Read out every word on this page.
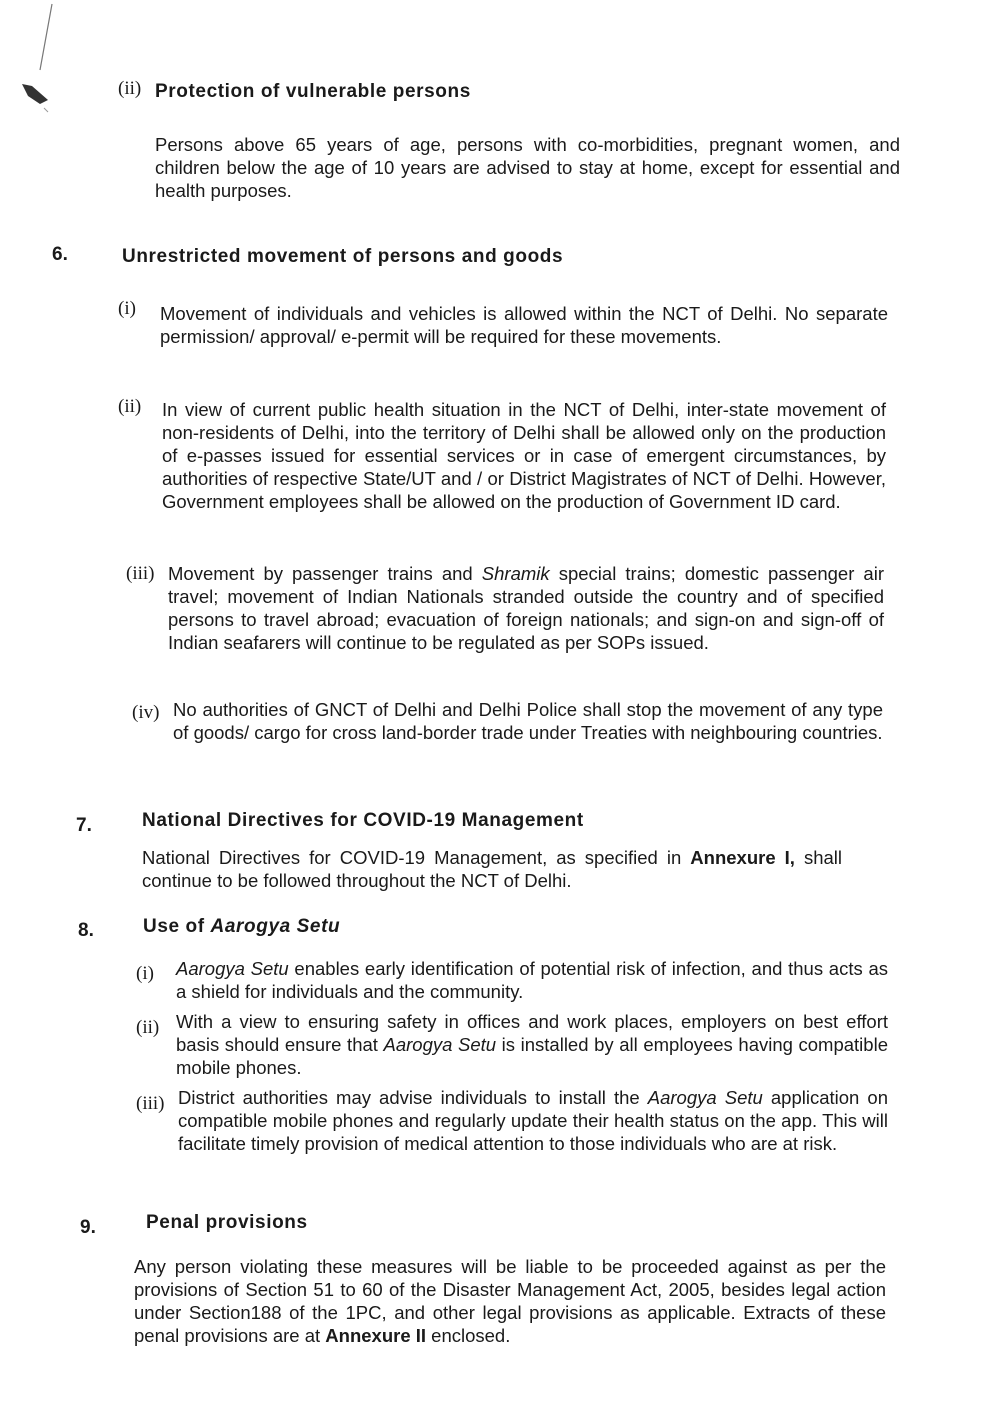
(ii) Protection of vulnerable persons
Persons above 65 years of age, persons with co-morbidities, pregnant women, and children below the age of 10 years are advised to stay at home, except for essential and health purposes.
6.	Unrestricted movement of persons and goods
(i) Movement of individuals and vehicles is allowed within the NCT of Delhi. No separate permission/ approval/ e-permit will be required for these movements.
(ii) In view of current public health situation in the NCT of Delhi, inter-state movement of non-residents of Delhi, into the territory of Delhi shall be allowed only on the production of e-passes issued for essential services or in case of emergent circumstances, by authorities of respective State/UT and / or District Magistrates of NCT of Delhi. However, Government employees shall be allowed on the production of Government ID card.
(iii) Movement by passenger trains and Shramik special trains; domestic passenger air travel; movement of Indian Nationals stranded outside the country and of specified persons to travel abroad; evacuation of foreign nationals; and sign-on and sign-off of Indian seafarers will continue to be regulated as per SOPs issued.
(iv) No authorities of GNCT of Delhi and Delhi Police shall stop the movement of any type of goods/ cargo for cross land-border trade under Treaties with neighbouring countries.
7.	National Directives for COVID-19 Management
National Directives for COVID-19 Management, as specified in Annexure I, shall continue to be followed throughout the NCT of Delhi.
8.	Use of Aarogya Setu
(i) Aarogya Setu enables early identification of potential risk of infection, and thus acts as a shield for individuals and the community.
(ii) With a view to ensuring safety in offices and work places, employers on best effort basis should ensure that Aarogya Setu is installed by all employees having compatible mobile phones.
(iii) District authorities may advise individuals to install the Aarogya Setu application on compatible mobile phones and regularly update their health status on the app. This will facilitate timely provision of medical attention to those individuals who are at risk.
9.	Penal provisions
Any person violating these measures will be liable to be proceeded against as per the provisions of Section 51 to 60 of the Disaster Management Act, 2005, besides legal action under Section188 of the 1PC, and other legal provisions as applicable. Extracts of these penal provisions are at Annexure II enclosed.
